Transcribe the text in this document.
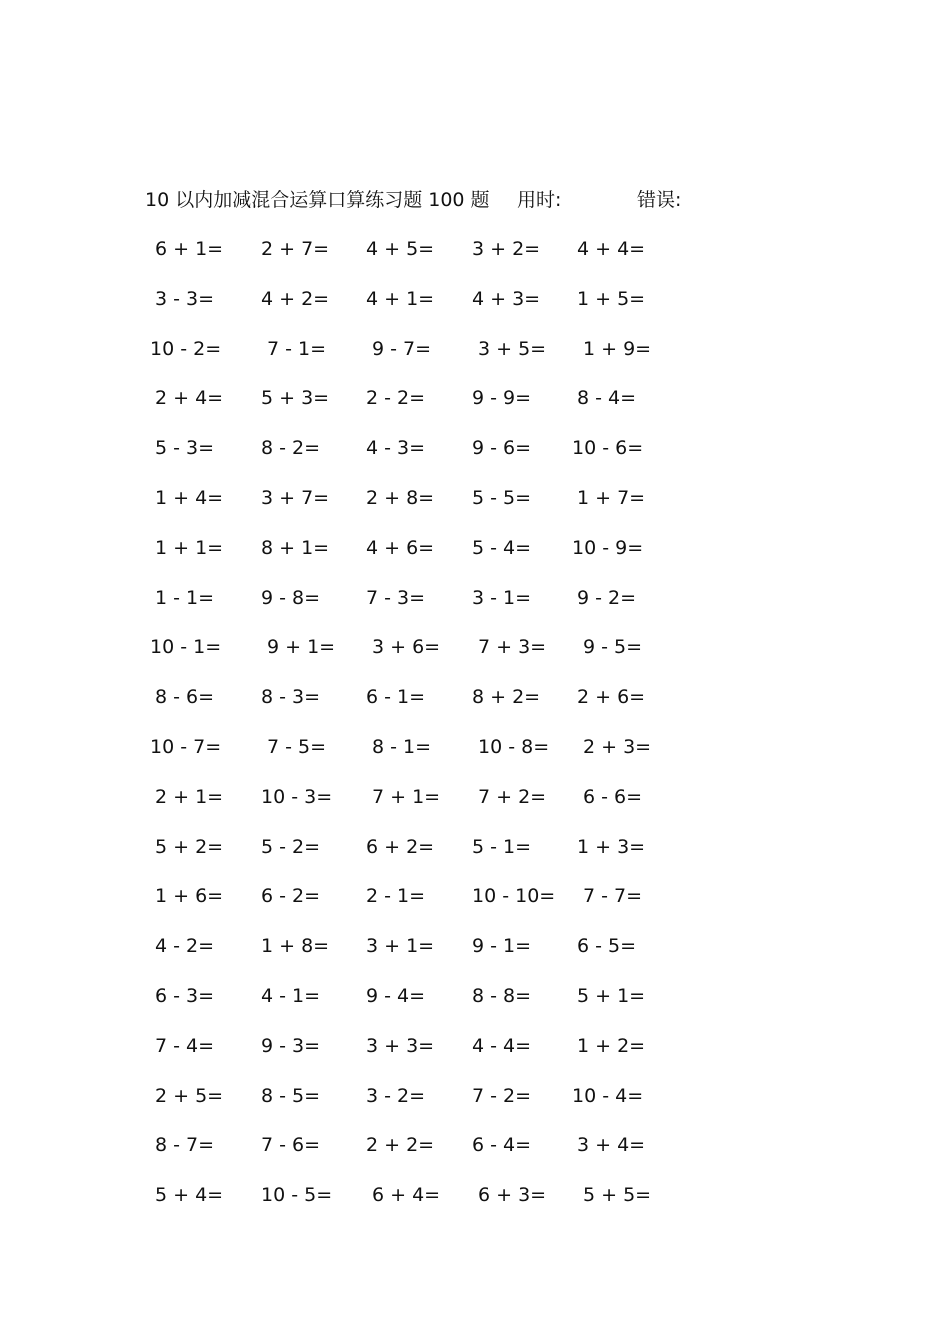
10 以内加减混合运算口算练习题 100 题 用时:	错误:
6 + 1= 2 + 7= 4 + 5= 3 + 2= 4 + 4=
3 - 3= 4 + 2= 4 + 1= 4 + 3= 1 + 5=
10 - 2= 7 - 1= 9 - 7= 3 + 5= 1 + 9=
2 + 4= 5 + 3= 2 - 2= 9 - 9= 8 - 4=
5 - 3= 8 - 2= 4 - 3= 9 - 6= 10 - 6=
1 + 4= 3 + 7= 2 + 8= 5 - 5= 1 + 7=
1 + 1= 8 + 1= 4 + 6= 5 - 4= 10 - 9=
1 - 1= 9 - 8= 7 - 3= 3 - 1= 9 - 2=
10 - 1= 9 + 1= 3 + 6= 7 + 3= 9 - 5=
8 - 6= 8 - 3= 6 - 1= 8 + 2= 2 + 6=
10 - 7= 7 - 5= 8 - 1= 10 - 8= 2 + 3=
2 + 1= 10 - 3= 7 + 1= 7 + 2= 6 - 6=
5 + 2= 5 - 2= 6 + 2= 5 - 1= 1 + 3=
1 + 6= 6 - 2= 2 - 1= 10 - 10= 7 - 7=
4 - 2= 1 + 8= 3 + 1= 9 - 1= 6 - 5=
6 - 3= 4 - 1= 9 - 4= 8 - 8= 5 + 1=
7 - 4= 9 - 3= 3 + 3= 4 - 4= 1 + 2=
2 + 5= 8 - 5= 3 - 2= 7 - 2= 10 - 4=
8 - 7= 7 - 6= 2 + 2= 6 - 4= 3 + 4=
5 + 4= 10 - 5= 6 + 4= 6 + 3= 5 + 5=
